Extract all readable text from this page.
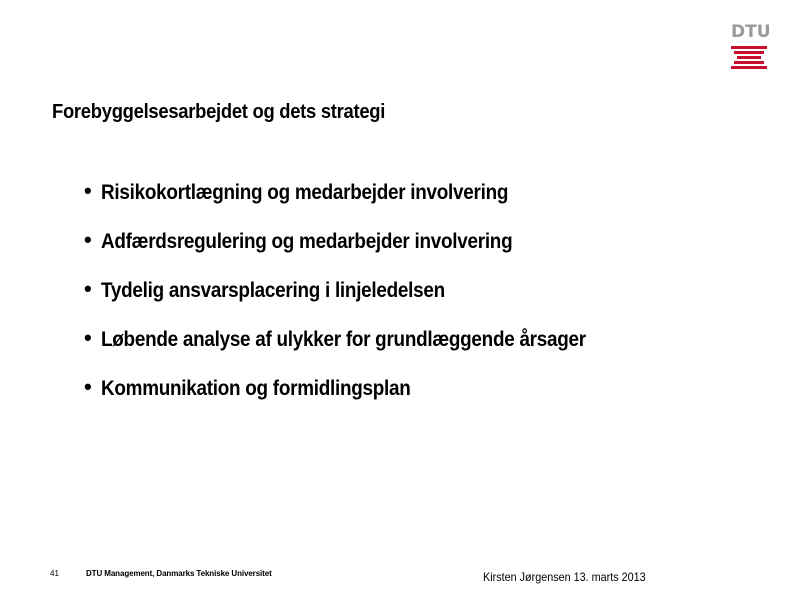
DTU
Forebyggelsesarbejdet og dets strategi
• Risikokortlægning og medarbejder involvering
• Adfærdsregulering og medarbejder involvering
• Tydelig ansvarsplacering i linjeledelsen
• Løbende analyse af ulykker for grundlæggende årsager
• Kommunikation og formidlingsplan
41	DTU Management, Danmarks Tekniske Universitet	Kirsten Jørgensen 13. marts 2013
